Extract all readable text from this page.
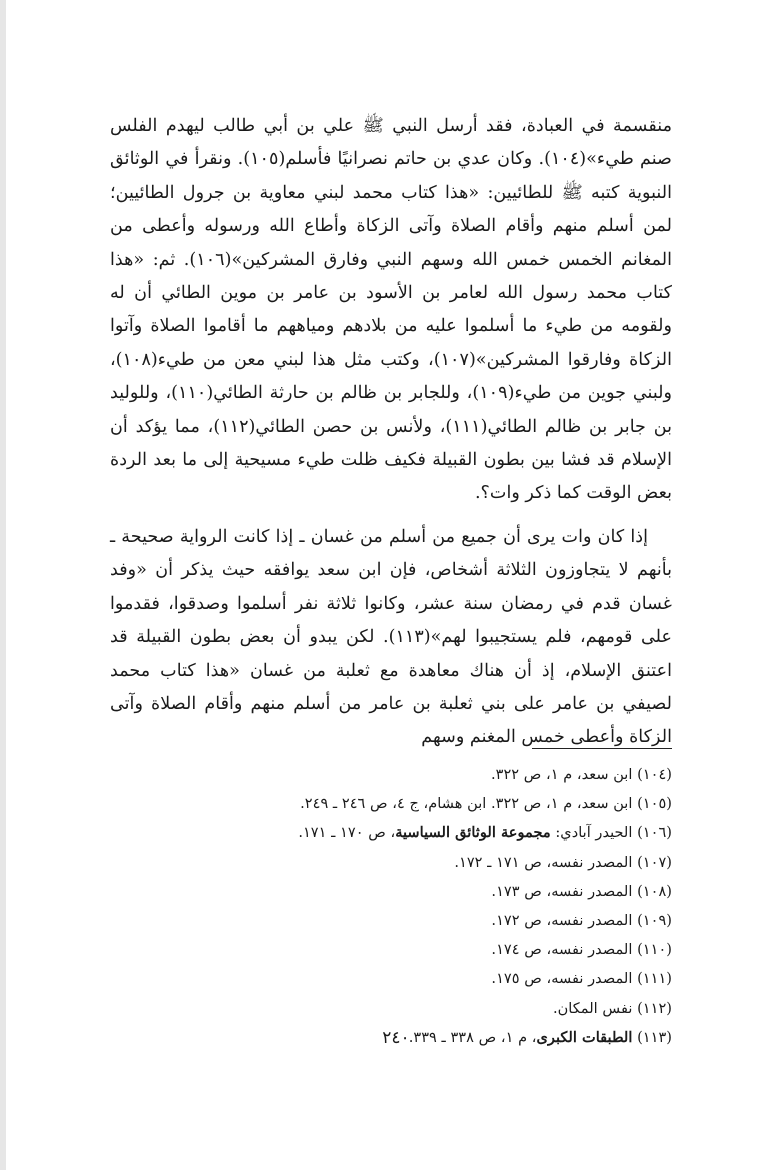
منقسمة في العبادة، فقد أرسل النبي ﷺ علي بن أبي طالب ليهدم الفلس صنم طيء»(١٠٤). وكان عدي بن حاتم نصرانيًا فأسلم(١٠٥). ونقرأ في الوثائق النبوية كتبه ﷺ للطائيين: «هذا كتاب محمد لبني معاوية بن جرول الطائيين؛ لمن أسلم منهم وأقام الصلاة وآتى الزكاة وأطاع الله ورسوله وأعطى من المغانم الخمس خمس الله وسهم النبي وفارق المشركين»(١٠٦). ثم: «هذا كتاب محمد رسول الله لعامر بن الأسود بن عامر بن موين الطائي أن له ولقومه من طيء ما أسلموا عليه من بلادهم ومياههم ما أقاموا الصلاة وآتوا الزكاة وفارقوا المشركين»(١٠٧)، وكتب مثل هذا لبني معن من طيء(١٠٨)، ولبني جوين من طيء(١٠٩)، وللجابر بن ظالم بن حارثة الطائي(١١٠)، وللوليد بن جابر بن ظالم الطائي(١١١)، ولأنس بن حصن الطائي(١١٢)، مما يؤكد أن الإسلام قد فشا بين بطون القبيلة فكيف ظلت طيء مسيحية إلى ما بعد الردة بعض الوقت كما ذكر وات؟.

إذا كان وات يرى أن جميع من أسلم من غسان ـ إذا كانت الرواية صحيحة ـ بأنهم لا يتجاوزون الثلاثة أشخاص، فإن ابن سعد يوافقه حيث يذكر أن «وفد غسان قدم في رمضان سنة عشر، وكانوا ثلاثة نفر أسلموا وصدقوا، فقدموا على قومهم، فلم يستجيبوا لهم»(١١٣). لكن يبدو أن بعض بطون القبيلة قد اعتنق الإسلام، إذ أن هناك معاهدة مع ثعلبة من غسان «هذا كتاب محمد لصيفي بن عامر على بني ثعلبة بن عامر من أسلم منهم وأقام الصلاة وآتى الزكاة وأعطى خمس المغنم وسهم

(١٠٤) ابن سعد، م ١، ص ٣٢٢.
(١٠٥) ابن سعد، م ١، ص ٣٢٢. ابن هشام، ج ٤، ص ٢٤٦ ـ ٢٤٩.
(١٠٦) الحيدر آبادي: مجموعة الوثائق السياسية، ص ١٧٠ ـ ١٧١.
(١٠٧) المصدر نفسه، ص ١٧١ ـ ١٧٢.
(١٠٨) المصدر نفسه، ص ١٧٣.
(١٠٩) المصدر نفسه، ص ١٧٢.
(١١٠) المصدر نفسه، ص ١٧٤.
(١١١) المصدر نفسه، ص ١٧٥.
(١١٢) نفس المكان.
(١١٣) الطبقات الكبرى، م ١، ص ٣٣٨ ـ ٣٣٩.
٢٤٠
